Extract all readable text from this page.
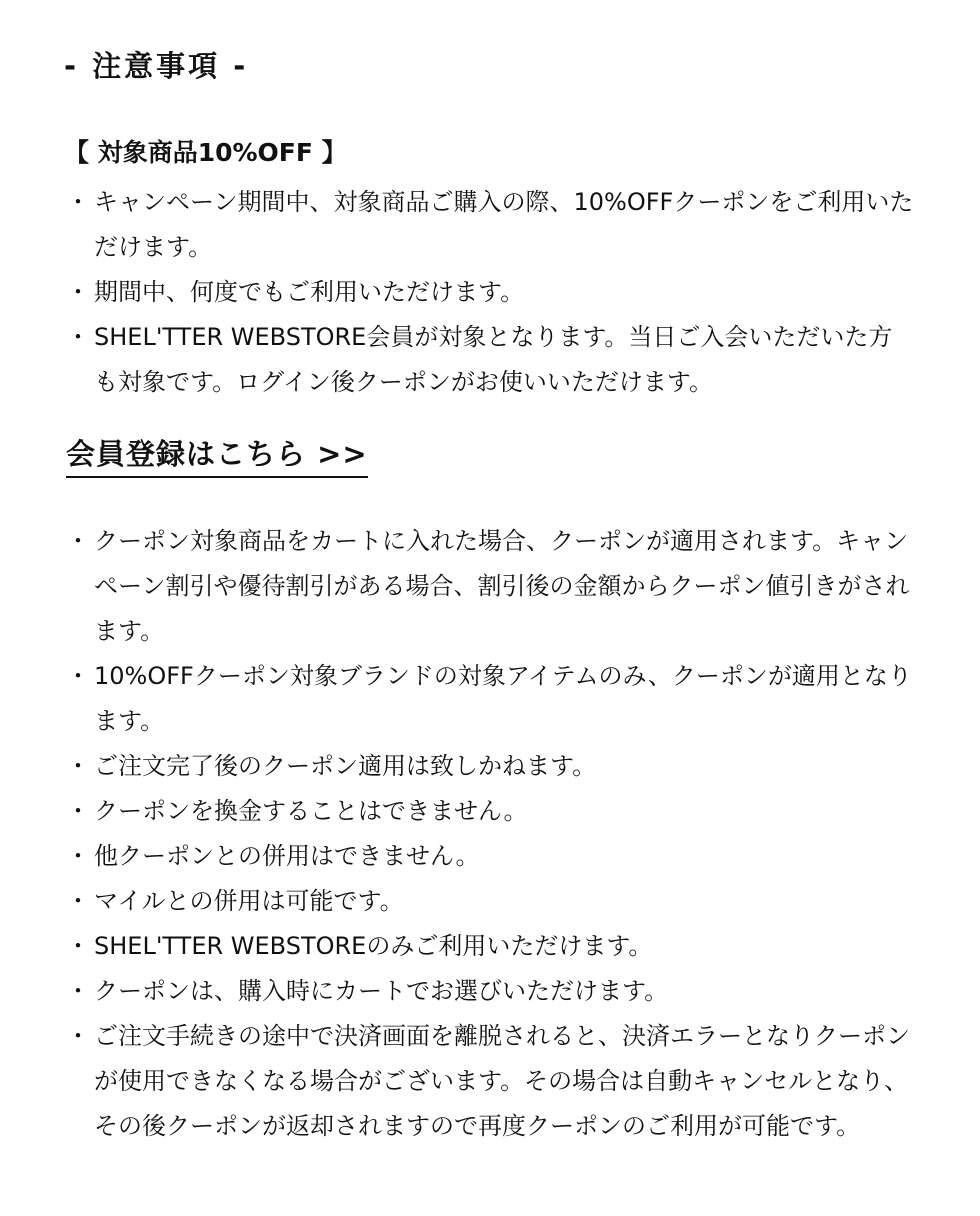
- 注意事項 -
【 対象商品10%OFF 】
・ キャンペーン期間中、対象商品ご購入の際、10%OFFクーポンをご利用いただけます。
・ 期間中、何度でもご利用いただけます。
・ SHEL'TTER WEBSTORE会員が対象となります。当日ご入会いただいた方も対象です。ログイン後クーポンがお使いいただけます。
会員登録はこちら >>
・ クーポン対象商品をカートに入れた場合、クーポンが適用されます。キャンペーン割引や優待割引がある場合、割引後の金額からクーポン値引きがされます。
・ 10%OFFクーポン対象ブランドの対象アイテムのみ、クーポンが適用となります。
・ ご注文完了後のクーポン適用は致しかねます。
・ クーポンを換金することはできません。
・ 他クーポンとの併用はできません。
・ マイルとの併用は可能です。
・ SHEL'TTER WEBSTOREのみご利用いただけます。
・ クーポンは、購入時にカートでお選びいただけます。
・ ご注文手続きの途中で決済画面を離脱されると、決済エラーとなりクーポンが使用できなくなる場合がございます。その場合は自動キャンセルとなり、その後クーポンが返却されますので再度クーポンのご利用が可能です。
